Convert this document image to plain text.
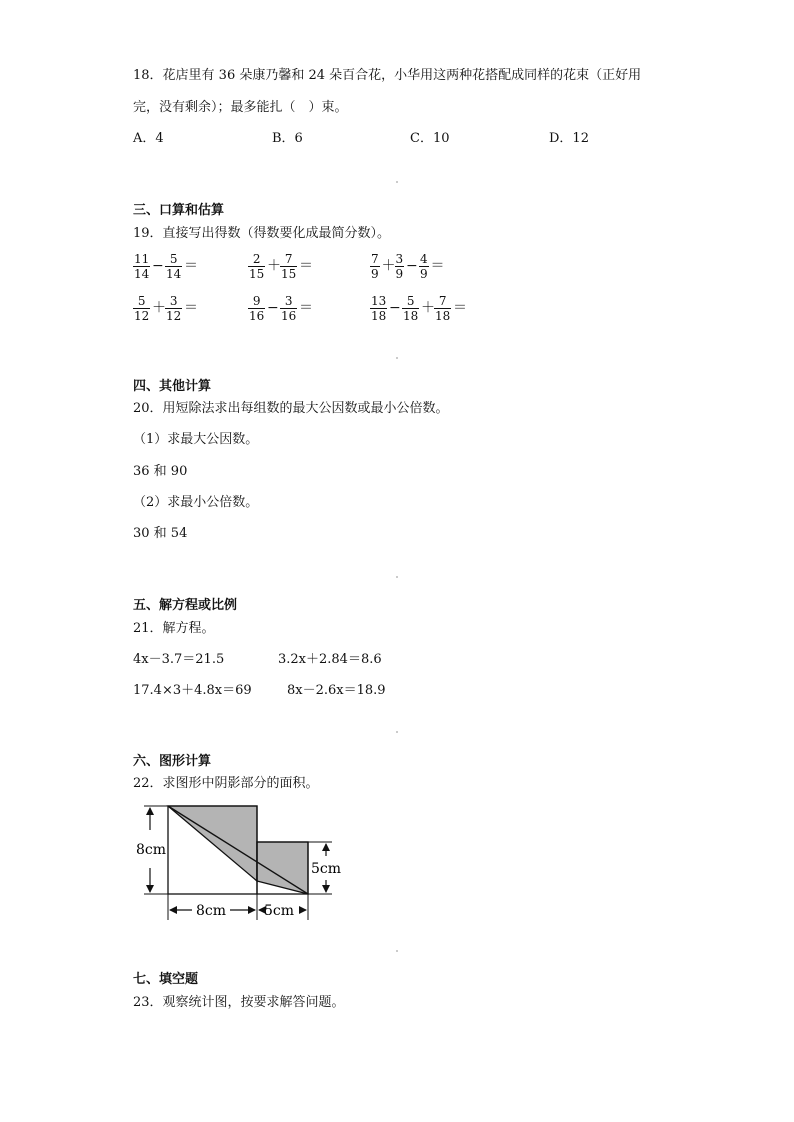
18．花店里有 36 朵康乃馨和 24 朵百合花，小华用这两种花搭配成同样的花束（正好用
完，没有剩余）；最多能扎（　）束。
A．4	B．6	C．10	D．12
三、口算和估算
19．直接写出得数（得数要化成最简分数）。
$\frac{11}{14} - \frac{5}{14}$ ＝	$\frac{2}{15} + \frac{7}{15}$ ＝	$\frac{7}{9} + \frac{3}{9} - \frac{4}{9}$ ＝
$\frac{5}{12} + \frac{3}{12}$ ＝	$\frac{9}{16} - \frac{3}{16}$ ＝	$\frac{13}{18} - \frac{5}{18} + \frac{7}{18}$ ＝
四、其他计算
20．用短除法求出每组数的最大公因数或最小公倍数。
（1）求最大公因数。
36 和 90
（2）求最小公倍数。
30 和 54
五、解方程或比例
21．解方程。
4x－3.7＝21.5	3.2x＋2.84＝8.6
17.4×3＋4.8x＝69	8x－2.6x＝18.9
六、图形计算
22．求图形中阴影部分的面积。
8cm
5cm
8cm	5cm
七、填空题
23．观察统计图，按要求解答问题。
